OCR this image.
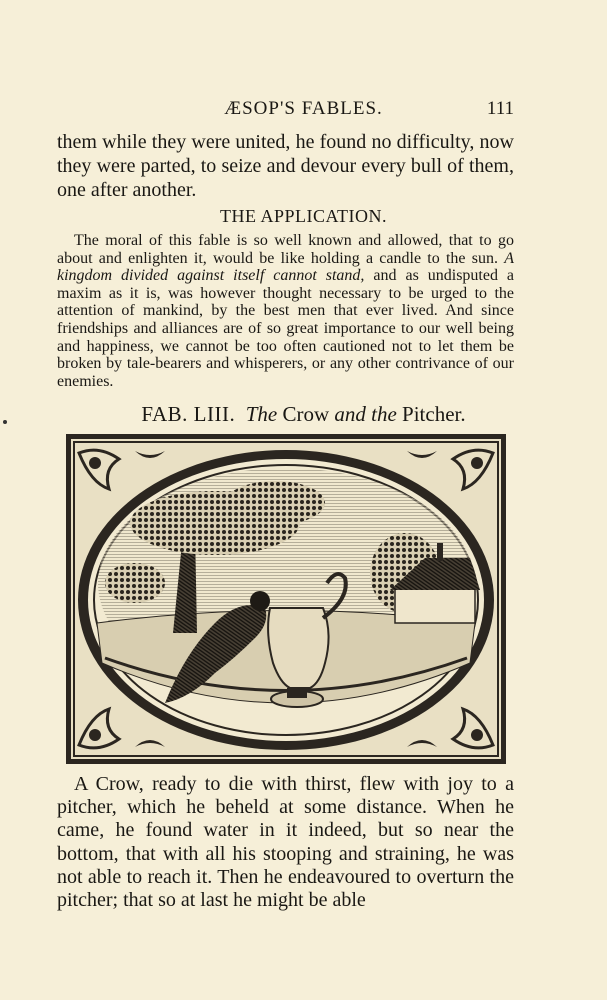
ÆSOP'S FABLES.	111

them while they were united, he found no difficulty, now they were parted, to seize and devour every bull of them, one after another.

THE APPLICATION.

The moral of this fable is so well known and allowed, that to go about and enlighten it, would be like holding a candle to the sun. A kingdom divided against itself cannot stand, and as undisputed a maxim as it is, was however thought necessary to be urged to the attention of mankind, by the best men that ever lived. And since friendships and alliances are of so great importance to our well being and happiness, we cannot be too often cautioned not to let them be broken by tale-bearers and whisperers, or any other contrivance of our enemies.

FAB. LIII. The Crow and the Pitcher.

A Crow, ready to die with thirst, flew with joy to a pitcher, which he beheld at some distance. When he came, he found water in it indeed, but so near the bottom, that with all his stooping and straining, he was not able to reach it. Then he endeavoured to overturn the pitcher; that so at last he might be able
